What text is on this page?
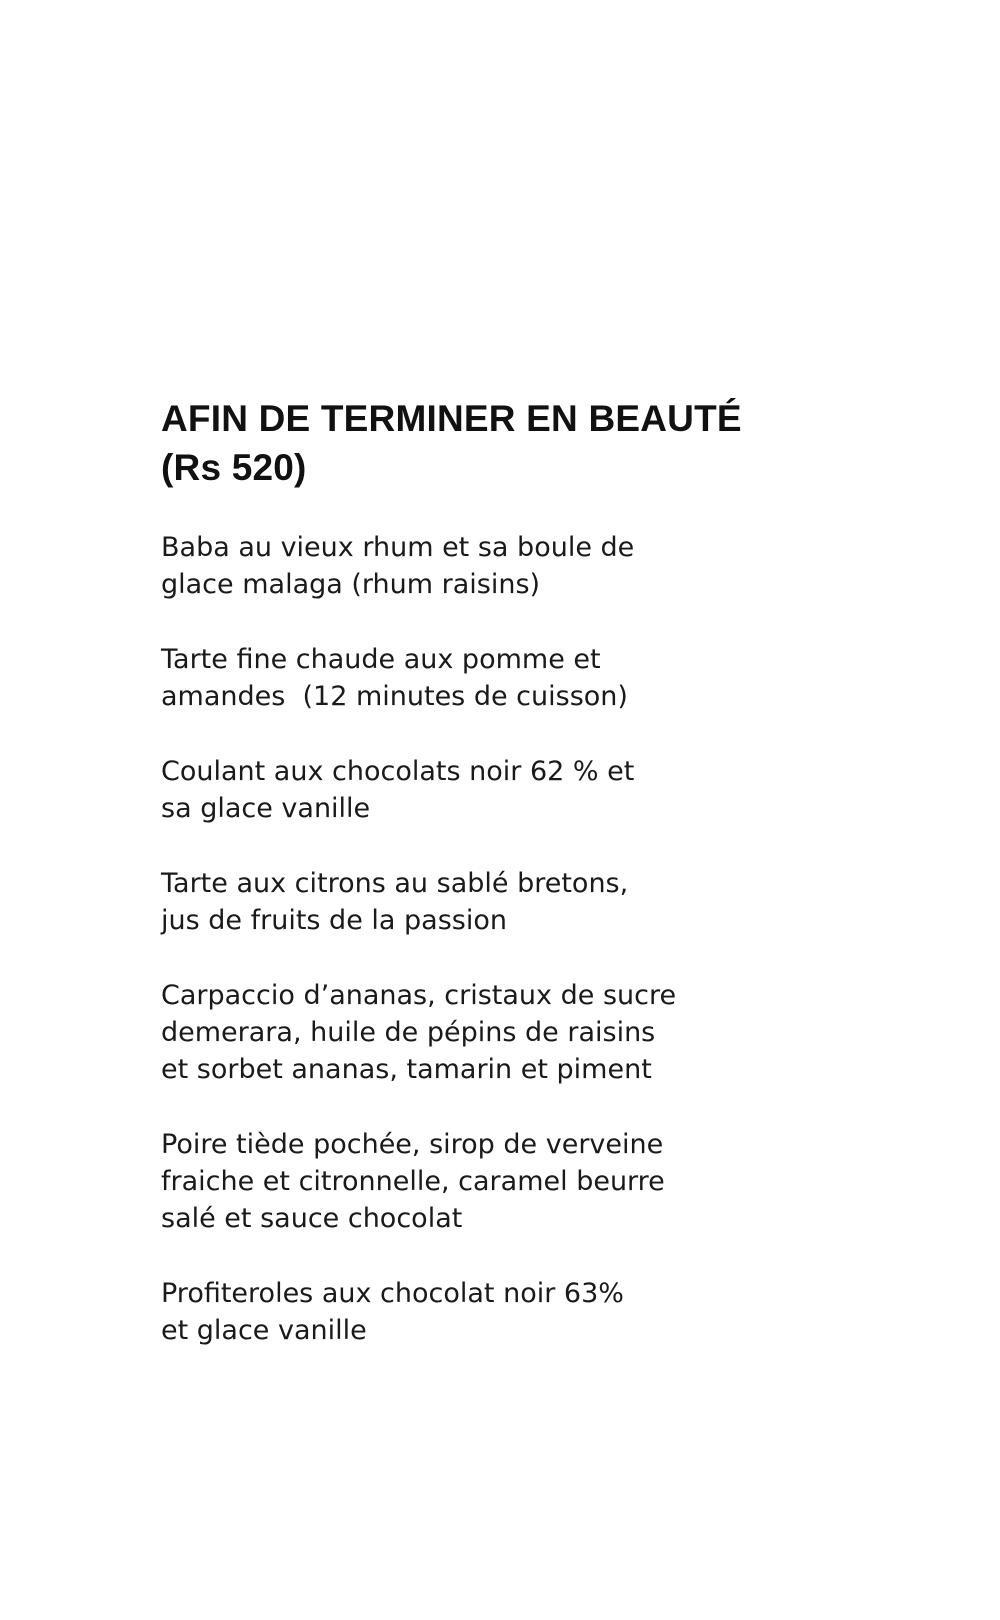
AFIN DE TERMINER EN BEAUTÉ
(Rs 520)
Baba au vieux rhum et sa boule de
glace malaga (rhum raisins)
Tarte fine chaude aux pomme et
amandes  (12 minutes de cuisson)
Coulant aux chocolats noir 62 % et
sa glace vanille
Tarte aux citrons au sablé bretons,
jus de fruits de la passion
Carpaccio d’ananas, cristaux de sucre
demerara, huile de pépins de raisins
et sorbet ananas, tamarin et piment
Poire tiède pochée, sirop de verveine
fraiche et citronnelle, caramel beurre
salé et sauce chocolat
Profiteroles aux chocolat noir 63%
et glace vanille
